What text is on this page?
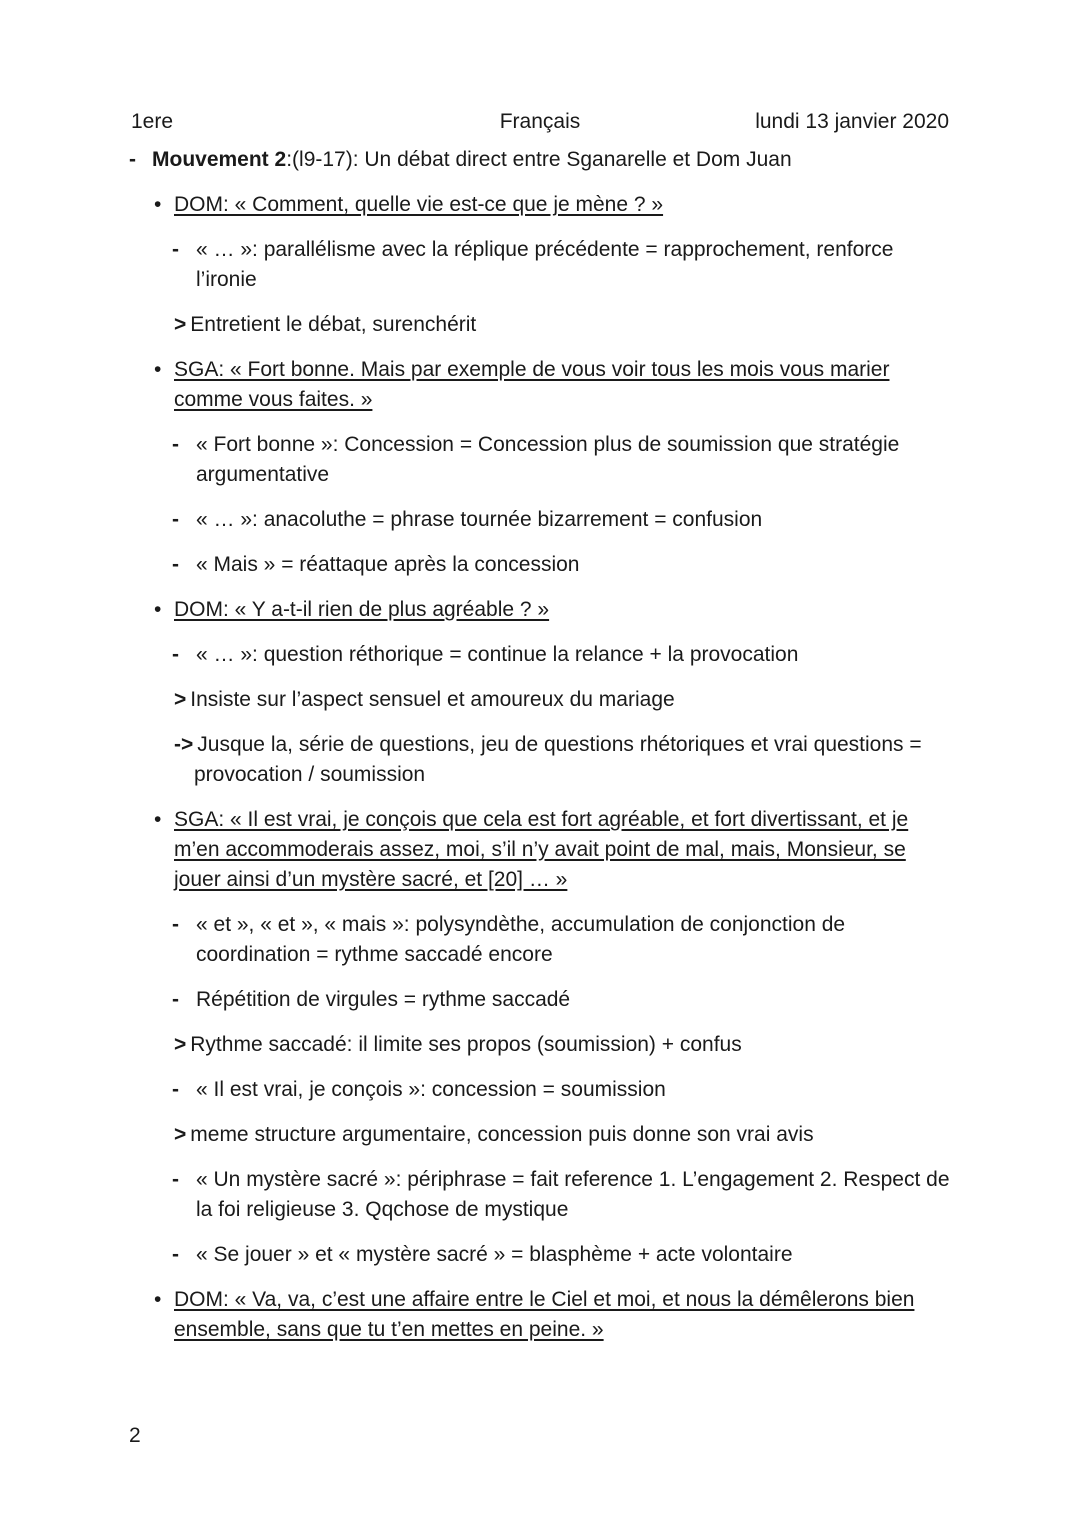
1ere	Français	lundi 13 janvier 2020
- Mouvement 2:(l9-17): Un débat direct entre Sganarelle et Dom Juan
• DOM: « Comment, quelle vie est-ce que je mène ? »
- « … »: parallélisme avec la réplique précédente = rapprochement, renforce l’ironie
> Entretient le débat, surenchérit
• SGA: « Fort bonne. Mais par exemple de vous voir tous les mois vous marier comme vous faites. »
- « Fort bonne »: Concession = Concession plus de soumission que stratégie argumentative
- « … »: anacoluthe = phrase tournée bizarrement = confusion
- « Mais » = réattaque après la concession
• DOM: « Y a-t-il rien de plus agréable ? »
- « … »: question réthorique = continue la relance + la provocation
> Insiste sur l’aspect sensuel et amoureux du mariage
-> Jusque la, série de questions, jeu de questions rhétoriques et vrai questions = provocation / soumission
• SGA: « Il est vrai, je conçois que cela est fort agréable, et fort divertissant, et je m’en accommoderais assez, moi, s’il n’y avait point de mal, mais, Monsieur, se jouer ainsi d’un mystère sacré, et [20] … »
- « et », « et », « mais »: polysyndèthe, accumulation de conjonction de coordination = rythme saccadé encore
- Répétition de virgules = rythme saccadé
> Rythme saccadé: il limite ses propos (soumission) + confus
- « Il est vrai, je conçois »: concession = soumission
> meme structure argumentaire, concession puis donne son vrai avis
- « Un mystère sacré »: périphrase = fait reference 1. L’engagement 2. Respect de la foi religieuse 3. Qqchose de mystique
- « Se jouer » et « mystère sacré » = blasphème + acte volontaire
• DOM: « Va, va, c’est une affaire entre le Ciel et moi, et nous la démêlerons bien ensemble, sans que tu t’en mettes en peine. »
2
